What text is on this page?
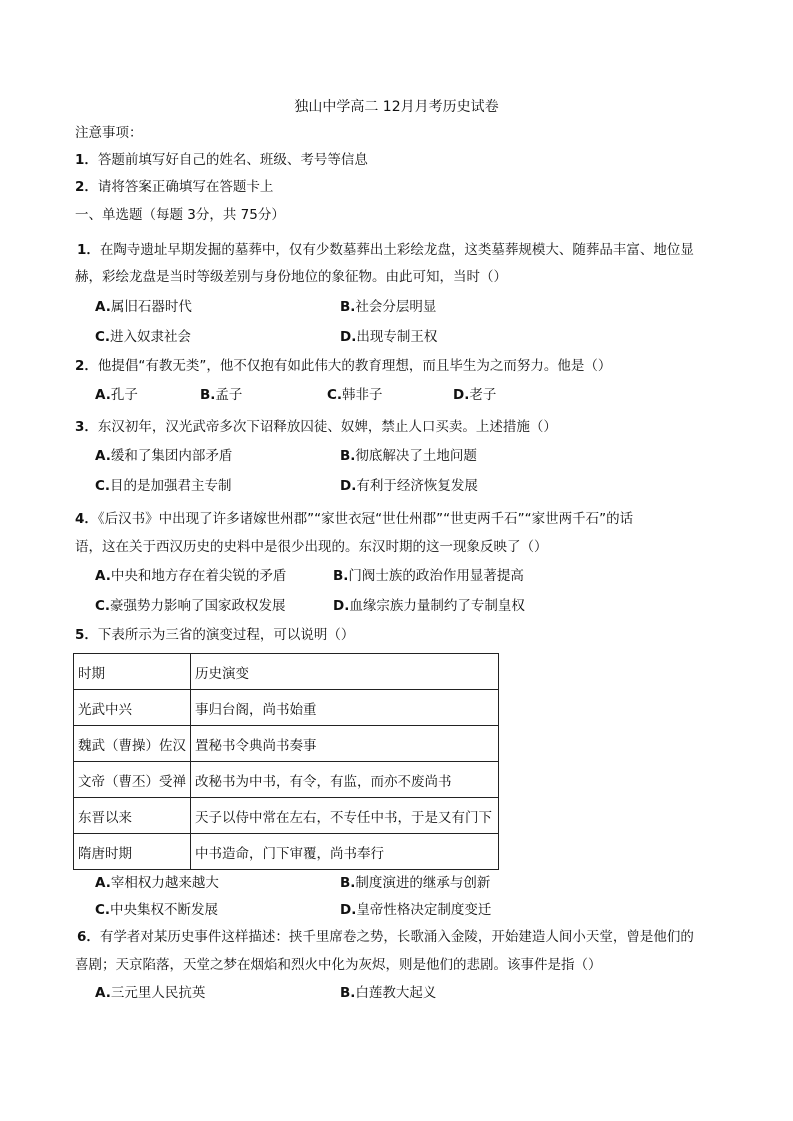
独山中学高二 12月月考历史试卷
注意事项：
1．答题前填写好自己的姓名、班级、考号等信息
2．请将答案正确填写在答题卡上
一、单选题（每题 3分，共 75分）
1．在陶寺遗址早期发掘的墓葬中，仅有少数墓葬出土彩绘龙盘，这类墓葬规模大、随葬品丰富、地位显
赫，彩绘龙盘是当时等级差别与身份地位的象征物。由此可知，当时（）
A.属旧石器时代	B.社会分层明显
C.进入奴隶社会	D.出现专制王权
2．他提倡“有教无类”，他不仅抱有如此伟大的教育理想，而且毕生为之而努力。他是（）
A.孔子	B.孟子	C.韩非子	D.老子
3．东汉初年，汉光武帝多次下诏释放囚徒、奴婢，禁止人口买卖。上述措施（）
A.缓和了集团内部矛盾	B.彻底解决了土地问题
C.目的是加强君主专制	D.有利于经济恢复发展
4．《后汉书》中出现了许多诸嫁世州郡”“家世衣冠“世仕州郡”“世吏两千石”“家世两千石”的话
语，这在关于西汉历史的史料中是很少出现的。东汉时期的这一现象反映了（）
A.中央和地方存在着尖锐的矛盾	B.门阀士族的政治作用显著提高
C.豪强势力影响了国家政权发展	D.血缘宗族力量制约了专制皇权
5．下表所示为三省的演变过程，可以说明（）
时期	历史演变
光武中兴	事归台阁，尚书始重
魏武（曹操）佐汉	置秘书令典尚书奏事
文帝（曹丕）受禅	改秘书为中书，有令，有监，而亦不废尚书
东晋以来	天子以侍中常在左右，不专任中书，于是又有门下
隋唐时期	中书造命，门下审覆，尚书奉行
A.宰相权力越来越大	B.制度演进的继承与创新
C.中央集权不断发展	D.皇帝性格决定制度变迁
6．有学者对某历史事件这样描述：挟千里席卷之势，长歌涌入金陵，开始建造人间小天堂，曾是他们的
喜剧；天京陷落，天堂之梦在烟焰和烈火中化为灰烬，则是他们的悲剧。该事件是指（）
A.三元里人民抗英	B.白莲教大起义
